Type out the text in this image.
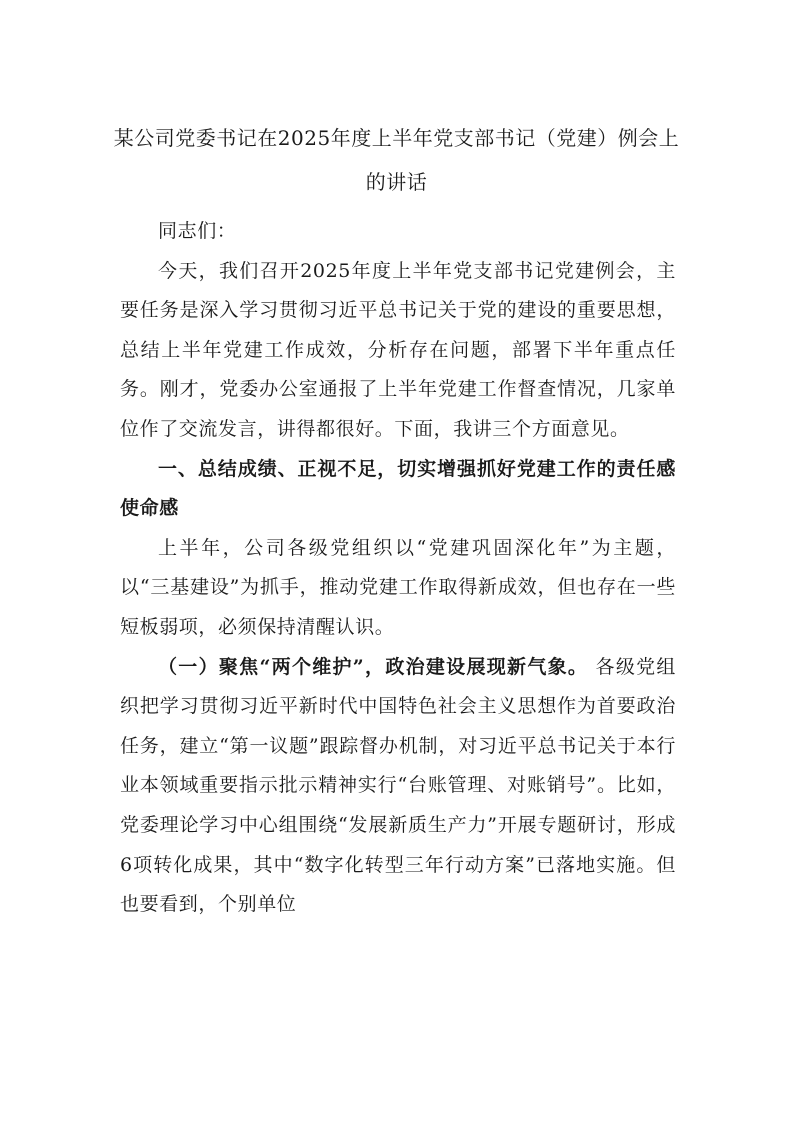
某公司党委书记在2025年度上半年党支部书记（党建）例会上的讲话

同志们：

今天，我们召开2025年度上半年党支部书记党建例会，主要任务是深入学习贯彻习近平总书记关于党的建设的重要思想，总结上半年党建工作成效，分析存在问题，部署下半年重点任务。刚才，党委办公室通报了上半年党建工作督查情况，几家单位作了交流发言，讲得都很好。下面，我讲三个方面意见。

一、总结成绩、正视不足，切实增强抓好党建工作的责任感使命感

上半年，公司各级党组织以“党建巩固深化年”为主题，以“三基建设”为抓手，推动党建工作取得新成效，但也存在一些短板弱项，必须保持清醒认识。

（一）聚焦“两个维护”，政治建设展现新气象。 各级党组织把学习贯彻习近平新时代中国特色社会主义思想作为首要政治任务，建立“第一议题”跟踪督办机制，对习近平总书记关于本行业本领域重要指示批示精神实行“台账管理、对账销号”。比如，党委理论学习中心组围绕“发展新质生产力”开展专题研讨，形成6项转化成果，其中“数字化转型三年行动方案”已落地实施。但也要看到，个别单位
